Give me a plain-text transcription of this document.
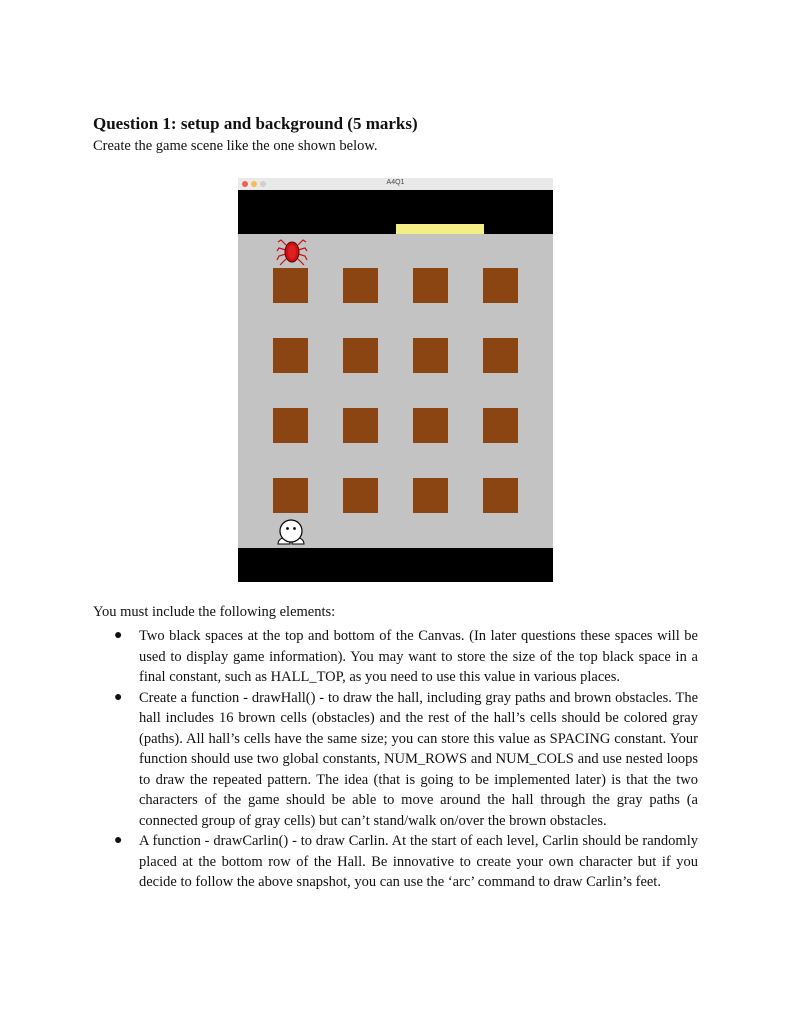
Question 1: setup and background (5 marks)
Create the game scene like the one shown below.
A4Q1
You must include the following elements:
● Two black spaces at the top and bottom of the Canvas. (In later questions these spaces will be used to display game information). You may want to store the size of the top black space in a final constant, such as HALL_TOP, as you need to use this value in various places.
● Create a function - drawHall() - to draw the hall, including gray paths and brown obstacles. The hall includes 16 brown cells (obstacles) and the rest of the hall’s cells should be colored gray (paths). All hall’s cells have the same size; you can store this value as SPACING constant. Your function should use two global constants, NUM_ROWS and NUM_COLS and use nested loops to draw the repeated pattern. The idea (that is going to be implemented later) is that the two characters of the game should be able to move around the hall through the gray paths (a connected group of gray cells) but can’t stand/walk on/over the brown obstacles.
● A function - drawCarlin() - to draw Carlin. At the start of each level, Carlin should be randomly placed at the bottom row of the Hall. Be innovative to create your own character but if you decide to follow the above snapshot, you can use the ‘arc’ command to draw Carlin’s feet.
